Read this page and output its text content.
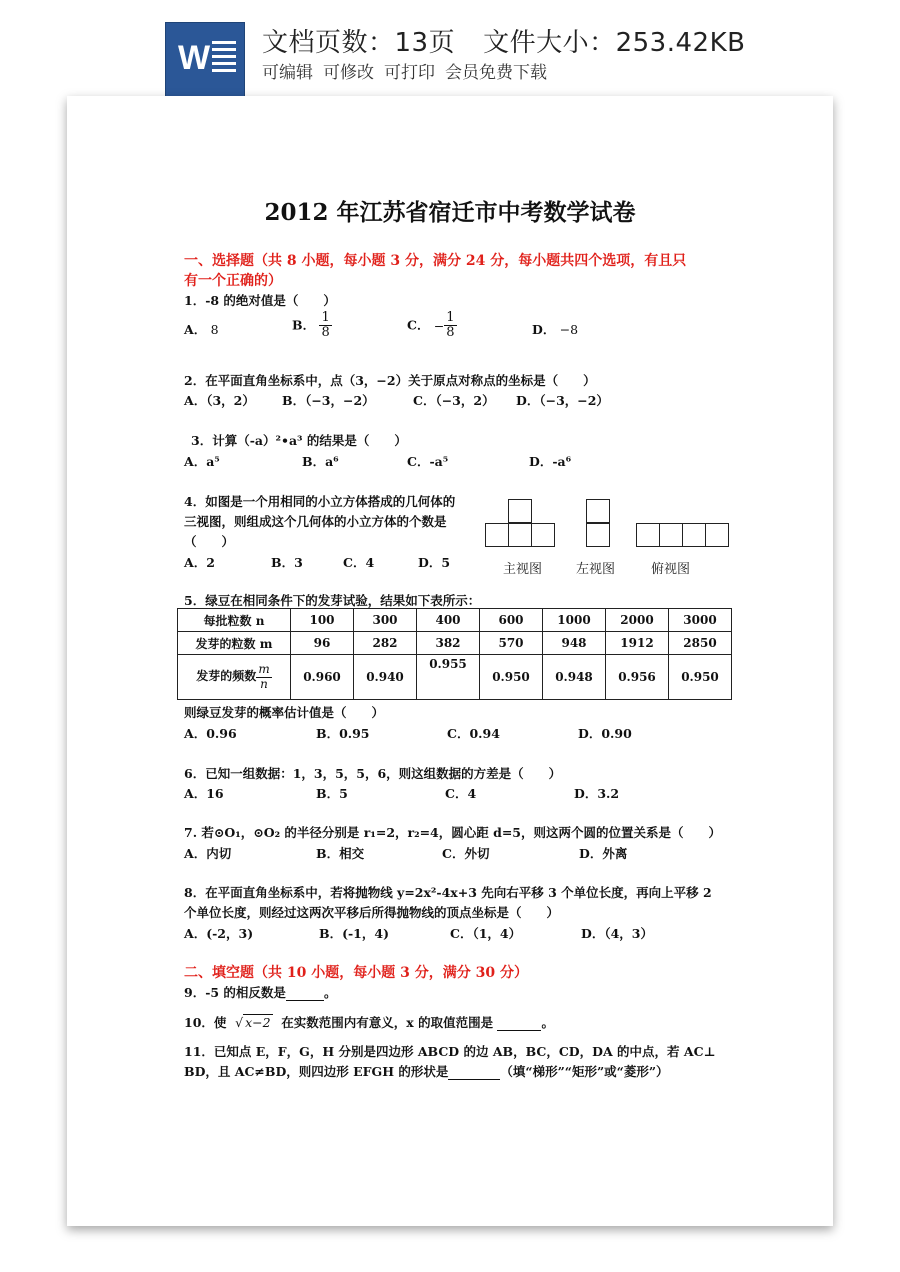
W 文档页数：13页 文件大小：253.42KB
可编辑 可修改 可打印 会员免费下载
2012 年江苏省宿迁市中考数学试卷
一、选择题（共 8 小题，每小题 3 分，满分 24 分，每小题共四个选项，有且只
有一个正确的）
1．-8 的绝对值是（　　）
A． 8	B． $\frac{1}{8}$	C． − $\frac{1}{8}$	D． −8
2．在平面直角坐标系中，点（3，−2）关于原点对称点的坐标是（　　）
A．（3，2） B．（−3，−2）	C．（−3，2） D．（−3，−2）
3．计算（-a）²•a³ 的结果是（　　）
A．a⁵	B．a⁶	C．-a⁵	D．-a⁶
4．如图是一个用相同的小立方体搭成的几何体的
三视图，则组成这个几何体的小立方体的个数是
（　　）
A．2	B．3	C．4	D．5	主视图	左视图	俯视图
5．绿豆在相同条件下的发芽试验，结果如下表所示：
每批粒数 n	100	300	400	600	1000	2000	3000
发芽的粒数 m	96	282	382	570	948	1912	2850
发芽的频数 $\frac{m}{n}$	0.960	0.940	0.955	0.950	0.948	0.956	0.950
则绿豆发芽的概率估计值是（　　）
A．0.96	B．0.95	C．0.94	D．0.90
6．已知一组数据：1，3，5，5，6，则这组数据的方差是（　　）
A．16	B．5	C．4	D．3.2
7. 若⊙O₁，⊙O₂ 的半径分别是 r₁=2，r₂=4，圆心距 d=5，则这两个圆的位置关系是（　　）
A．内切	B．相交	C．外切	D．外离
8．在平面直角坐标系中，若将抛物线 y=2x²-4x+3 先向右平移 3 个单位长度，再向上平移 2
个单位长度，则经过这两次平移后所得抛物线的顶点坐标是（　　）
A．(-2，3)	B．(-1，4)	C．（1，4）	D．（4，3）
二、填空题（共 10 小题，每小题 3 分，满分 30 分）
9．-5 的相反数是	。
10．使 √ x−2 在实数范围内有意义，x 的取值范围是	。
11．已知点 E，F，G，H 分别是四边形 ABCD 的边 AB，BC，CD，DA 的中点，若 AC⊥
BD，且 AC≠BD，则四边形 EFGH 的形状是	（填“梯形”“矩形”或“菱形”）
